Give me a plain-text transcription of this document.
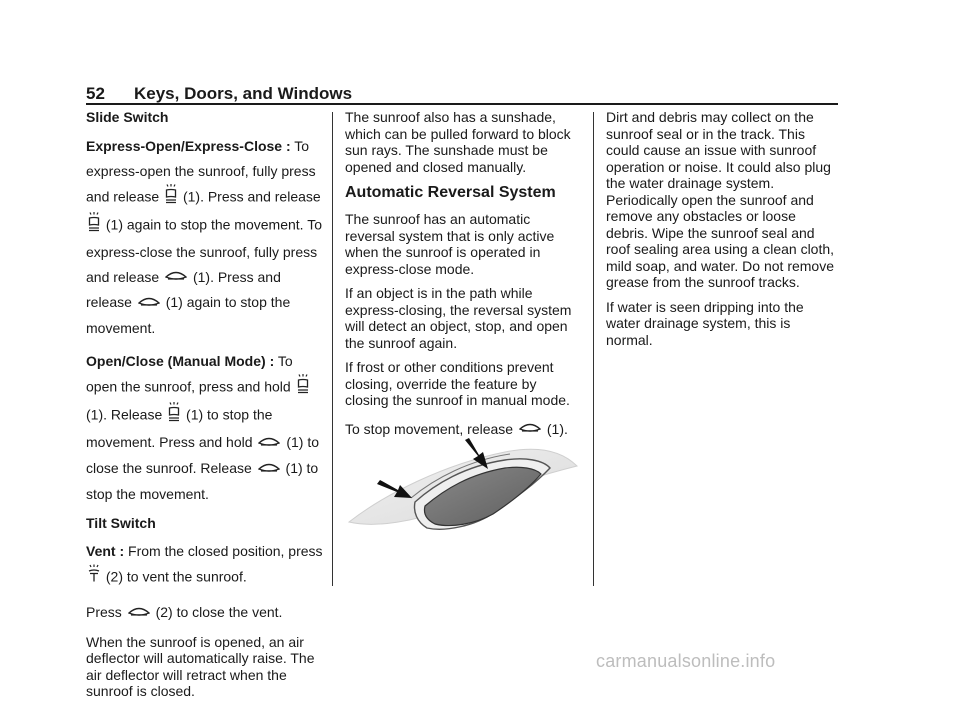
52 Keys, Doors, and Windows

Slide Switch

Express-Open/Express-Close : To express-open the sunroof, fully press and release (1). Press and release  (1) again to stop the movement. To express-close the sunroof, fully press and release (1). Press and release (1) again to stop the movement.

Open/Close (Manual Mode) : To open the sunroof, press and hold  (1). Release (1) to stop the movement. Press and hold (1) to close the sunroof. Release (1) to stop the movement.

Tilt Switch

Vent : From the closed position, press  (2) to vent the sunroof.

Press (2) to close the vent.

When the sunroof is opened, an air deflector will automatically raise. The air deflector will retract when the sunroof is closed.

The sunroof also has a sunshade, which can be pulled forward to block sun rays. The sunshade must be opened and closed manually.

Automatic Reversal System

The sunroof has an automatic reversal system that is only active when the sunroof is operated in express-close mode.

If an object is in the path while express-closing, the reversal system will detect an object, stop, and open the sunroof again.

If frost or other conditions prevent closing, override the feature by closing the sunroof in manual mode.

To stop movement, release (1).

Dirt and debris may collect on the sunroof seal or in the track. This could cause an issue with sunroof operation or noise. It could also plug the water drainage system. Periodically open the sunroof and remove any obstacles or loose debris. Wipe the sunroof seal and roof sealing area using a clean cloth, mild soap, and water. Do not remove grease from the sunroof tracks.

If water is seen dripping into the water drainage system, this is normal.

carmanualsonline.info
